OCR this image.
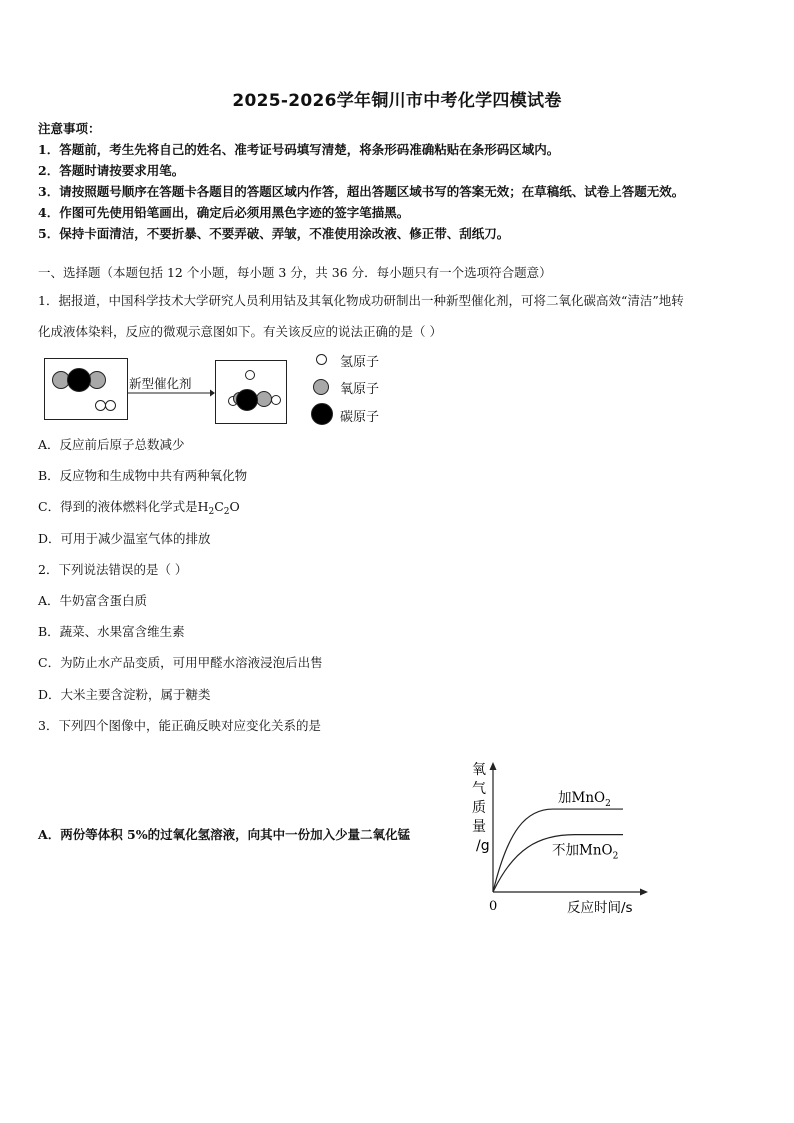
2025-2026学年铜川市中考化学四模试卷
注意事项：
1．答题前，考生先将自己的姓名、准考证号码填写清楚，将条形码准确粘贴在条形码区域内。
2．答题时请按要求用笔。
3．请按照题号顺序在答题卡各题目的答题区域内作答，超出答题区域书写的答案无效；在草稿纸、试卷上答题无效。
4．作图可先使用铅笔画出，确定后必须用黑色字迹的签字笔描黑。
5．保持卡面清洁，不要折暴、不要弄破、弄皱，不准使用涂改液、修正带、刮纸刀。
一、选择题（本题包括 12 个小题，每小题 3 分，共 36 分．每小题只有一个选项符合题意）
1．据报道，中国科学技术大学研究人员利用钴及其氧化物成功研制出一种新型催化剂，可将二氧化碳高效“清洁”地转
化成液体染料，反应的微观示意图如下。有关该反应的说法正确的是（ ）
新型催化剂
氢原子
氧原子
碳原子
A．反应前后原子总数减少
B．反应物和生成物中共有两种氧化物
C．得到的液体燃料化学式是$H_2C_2O$
D．可用于减少温室气体的排放
2．下列说法错误的是（ ）
A．牛奶富含蛋白质
B．蔬菜、水果富含维生素
C．为防止水产品变质，可用甲醛水溶液浸泡后出售
D．大米主要含淀粉，属于糖类
3．下列四个图像中，能正确反映对应变化关系的是
A．两份等体积 5%的过氧化氢溶液，向其中一份加入少量二氧化锰
氧
气
质
量
/g
0	反应时间/s
加MnO$_2$
不加MnO$_2$
